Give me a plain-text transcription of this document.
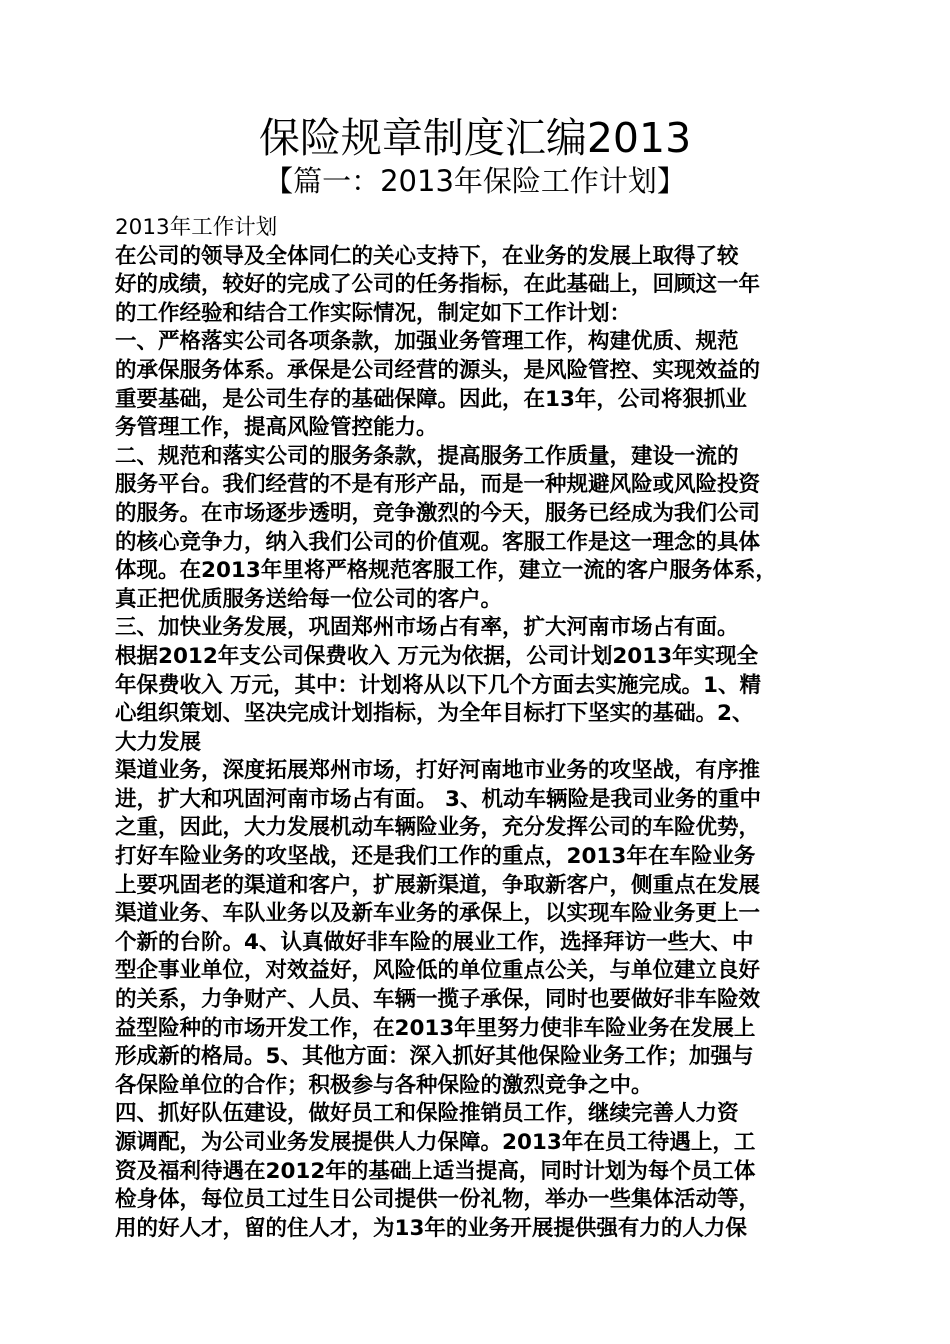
保险规章制度汇编2013
【篇一：2013年保险工作计划】
2013年工作计划
在公司的领导及全体同仁的关心支持下，在业务的发展上取得了较
好的成绩，较好的完成了公司的任务指标，在此基础上，回顾这一年
的工作经验和结合工作实际情况，制定如下工作计划：
一、严格落实公司各项条款，加强业务管理工作，构建优质、规范
的承保服务体系。承保是公司经营的源头，是风险管控、实现效益的
重要基础，是公司生存的基础保障。因此，在13年，公司将狠抓业
务管理工作，提高风险管控能力。
二、规范和落实公司的服务条款，提高服务工作质量，建设一流的
服务平台。我们经营的不是有形产品，而是一种规避风险或风险投资
的服务。在市场逐步透明，竞争激烈的今天，服务已经成为我们公司
的核心竞争力，纳入我们公司的价值观。客服工作是这一理念的具体
体现。在2013年里将严格规范客服工作，建立一流的客户服务体系，
真正把优质服务送给每一位公司的客户。
三、加快业务发展，巩固郑州市场占有率，扩大河南市场占有面。
根据2012年支公司保费收入 万元为依据，公司计划2013年实现全
年保费收入 万元，其中：计划将从以下几个方面去实施完成。1、精
心组织策划、坚决完成计划指标，为全年目标打下坚实的基础。2、
大力发展
渠道业务，深度拓展郑州市场，打好河南地市业务的攻坚战，有序推
进，扩大和巩固河南市场占有面。 3、机动车辆险是我司业务的重中
之重，因此，大力发展机动车辆险业务，充分发挥公司的车险优势，
打好车险业务的攻坚战，还是我们工作的重点，2013年在车险业务
上要巩固老的渠道和客户，扩展新渠道，争取新客户，侧重点在发展
渠道业务、车队业务以及新车业务的承保上，以实现车险业务更上一
个新的台阶。4、认真做好非车险的展业工作，选择拜访一些大、中
型企事业单位，对效益好，风险低的单位重点公关，与单位建立良好
的关系，力争财产、人员、车辆一揽子承保，同时也要做好非车险效
益型险种的市场开发工作，在2013年里努力使非车险业务在发展上
形成新的格局。5、其他方面：深入抓好其他保险业务工作；加强与
各保险单位的合作；积极参与各种保险的激烈竞争之中。
四、抓好队伍建设，做好员工和保险推销员工作，继续完善人力资
源调配，为公司业务发展提供人力保障。2013年在员工待遇上，工
资及福利待遇在2012年的基础上适当提高，同时计划为每个员工体
检身体，每位员工过生日公司提供一份礼物，举办一些集体活动等，
用的好人才，留的住人才，为13年的业务开展提供强有力的人力保
